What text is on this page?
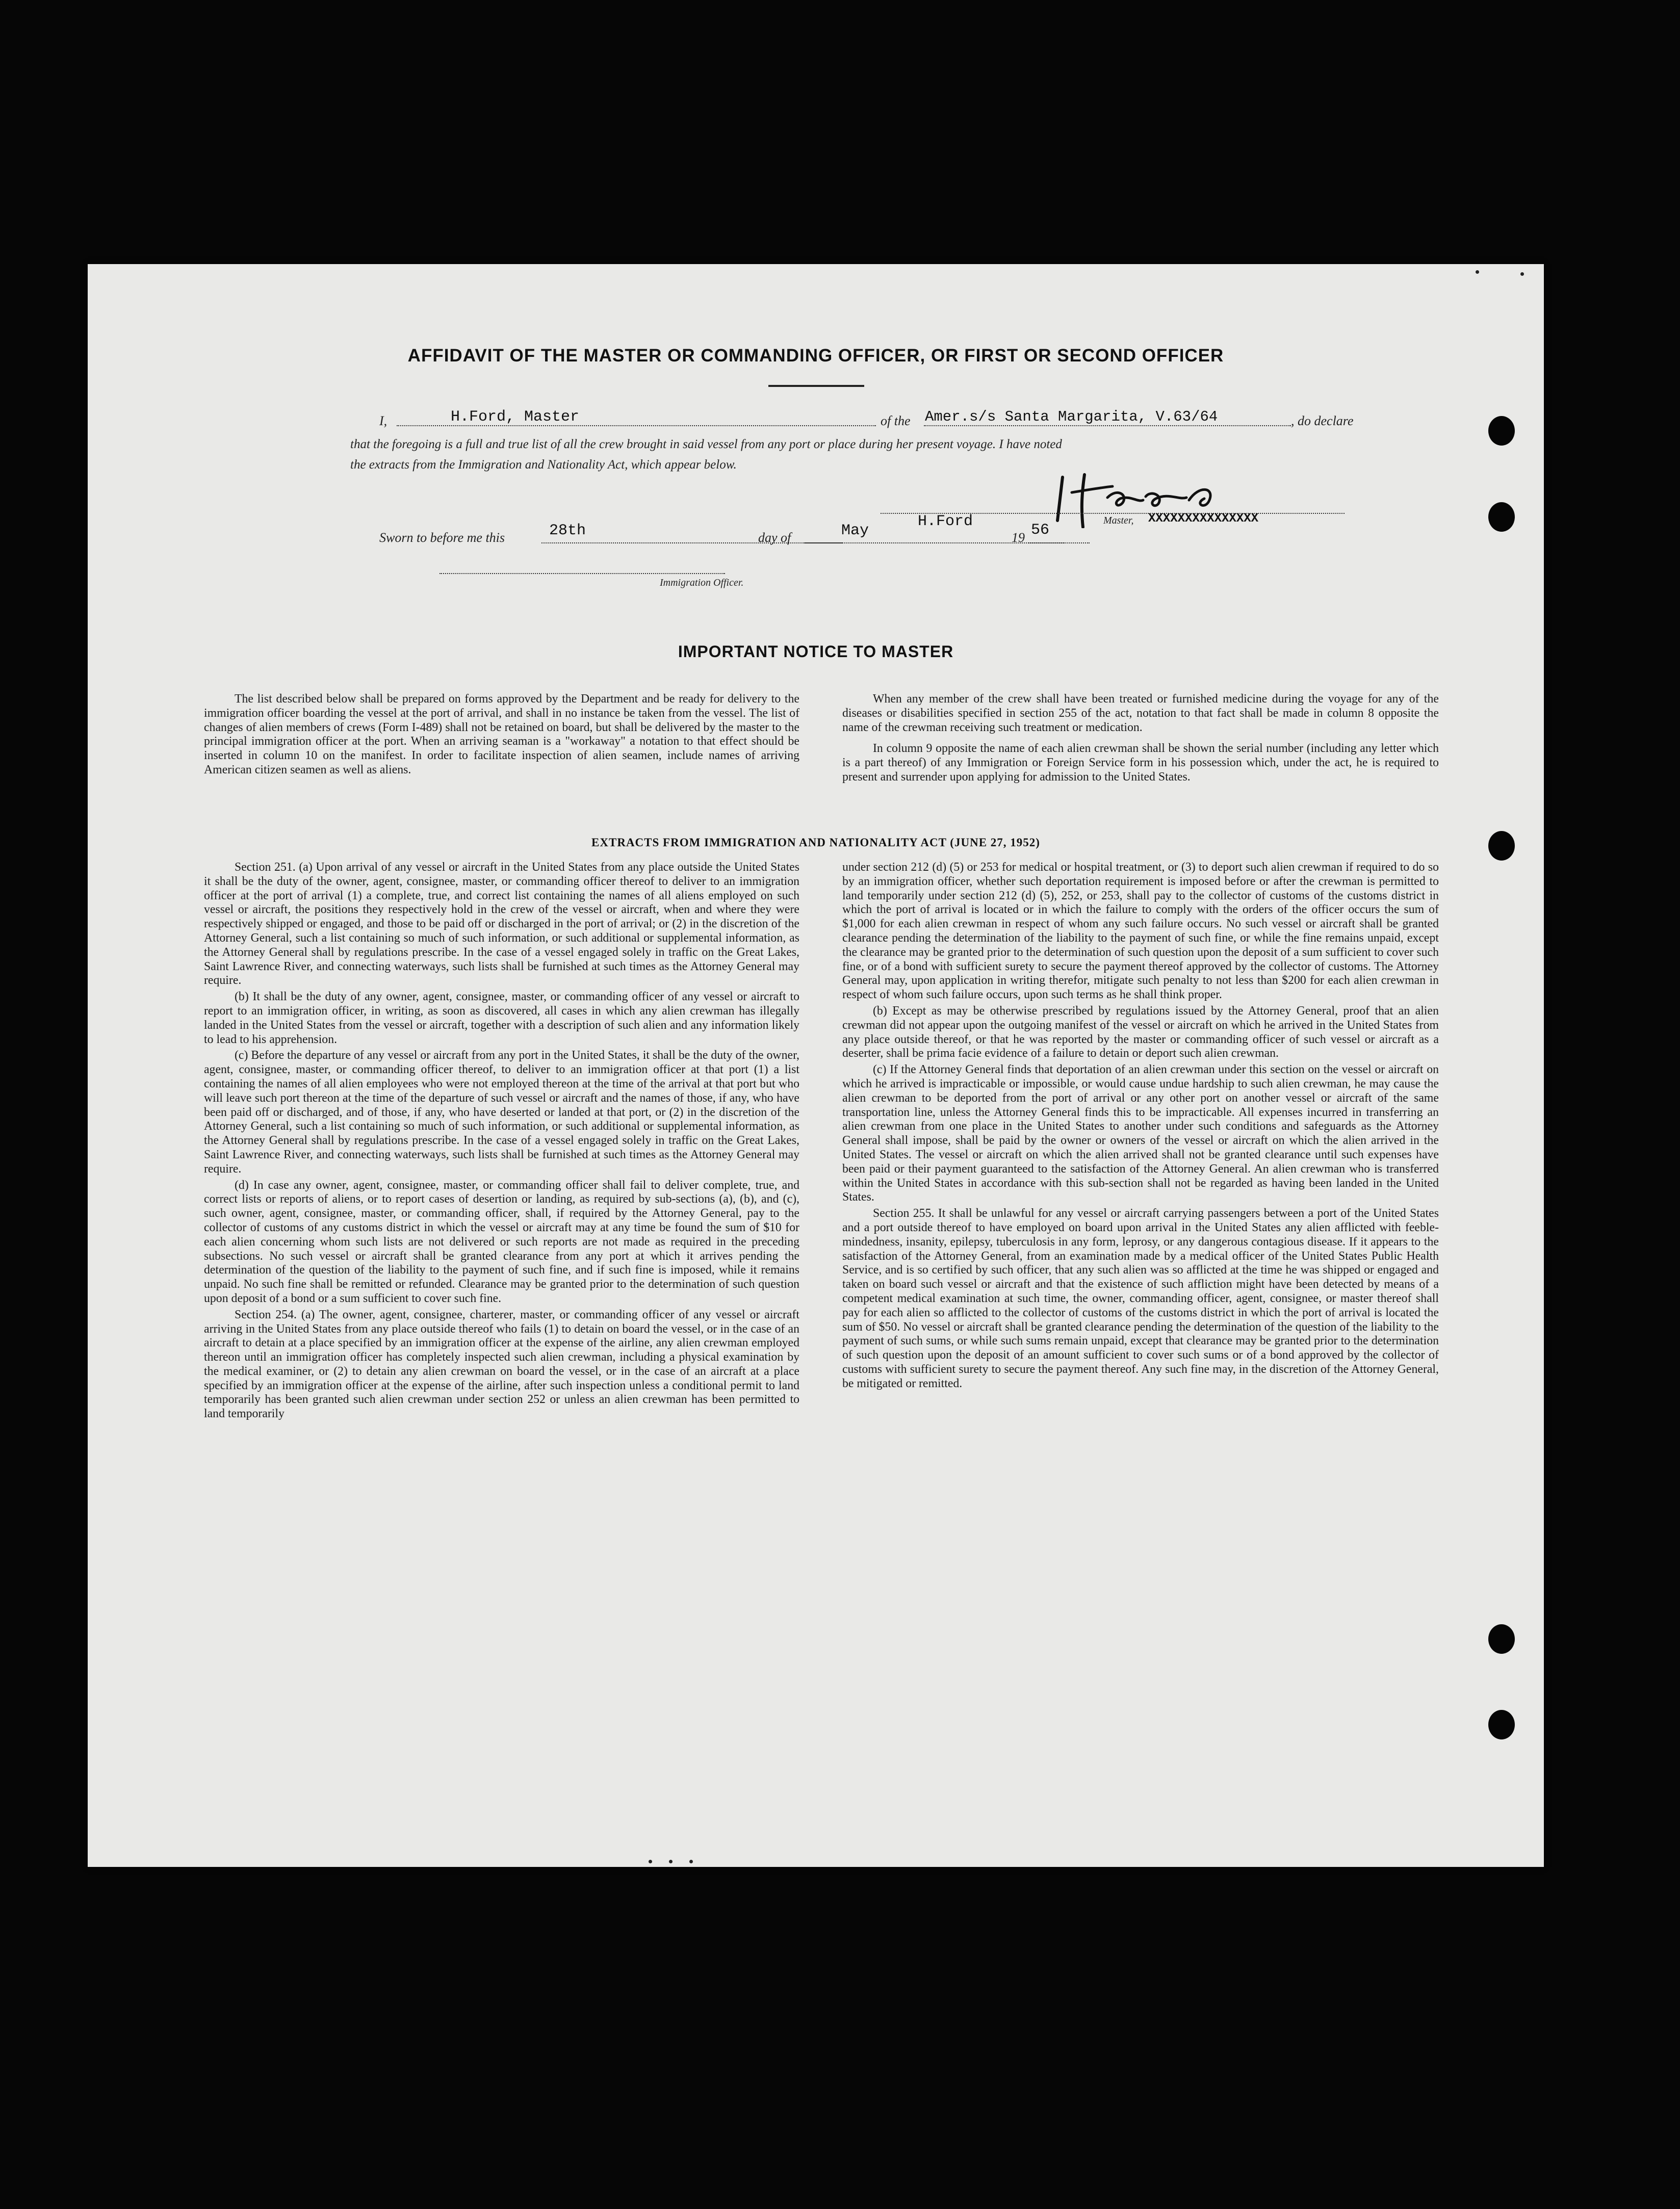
AFFIDAVIT OF THE MASTER OR COMMANDING OFFICER, OR FIRST OR SECOND OFFICER
I,	H.Ford, Master	of the Amer.s/s Santa Margarita, V.63/64	, do declare
that the foregoing is a full and true list of all the crew brought in said vessel from any port or place during her present voyage. I have noted
the extracts from the Immigration and Nationality Act, which appear below.
Sworn to before me this	28th	day of	May
H.Ford
19 56
Master, XXXXXXXXXXXXXXX
Immigration Officer.
IMPORTANT NOTICE TO MASTER

The list described below shall be prepared on forms approved by the Department and be ready for delivery to the immigration officer boarding the vessel at the port of arrival, and shall in no instance be taken from the vessel. The list of changes of alien members of crews (Form I-489) shall not be retained on board, but shall be delivered by the master to the principal immigration officer at the port. When an arriving seaman is a "workaway" a notation to that effect should be inserted in column 10 on the manifest. In order to facilitate inspection of alien seamen, include names of arriving American citizen seamen as well as aliens.

When any member of the crew shall have been treated or furnished medicine during the voyage for any of the diseases or disabilities specified in section 255 of the act, notation to that fact shall be made in column 8 opposite the name of the crewman receiving such treatment or medication.

In column 9 opposite the name of each alien crewman shall be shown the serial number (including any letter which is a part thereof) of any Immigration or Foreign Service form in his possession which, under the act, he is required to present and surrender upon applying for admission to the United States.

EXTRACTS FROM IMMIGRATION AND NATIONALITY ACT (JUNE 27, 1952)

Section 251. (a) Upon arrival of any vessel or aircraft in the United States from any place outside the United States it shall be the duty of the owner, agent, consignee, master, or commanding officer thereof to deliver to an immigration officer at the port of arrival (1) a complete, true, and correct list containing the names of all aliens employed on such vessel or aircraft, the positions they respectively hold in the crew of the vessel or aircraft, when and where they were respectively shipped or engaged, and those to be paid off or discharged in the port of arrival; or (2) in the discretion of the Attorney General, such a list containing so much of such information, or such additional or supplemental information, as the Attorney General shall by regulations prescribe. In the case of a vessel engaged solely in traffic on the Great Lakes, Saint Lawrence River, and connecting waterways, such lists shall be furnished at such times as the Attorney General may require.

(b) It shall be the duty of any owner, agent, consignee, master, or commanding officer of any vessel or aircraft to report to an immigration officer, in writing, as soon as discovered, all cases in which any alien crewman has illegally landed in the United States from the vessel or aircraft, together with a description of such alien and any information likely to lead to his apprehension.

(c) Before the departure of any vessel or aircraft from any port in the United States, it shall be the duty of the owner, agent, consignee, master, or commanding officer thereof, to deliver to an immigration officer at that port (1) a list containing the names of all alien employees who were not employed thereon at the time of the arrival at that port but who will leave such port thereon at the time of the departure of such vessel or aircraft and the names of those, if any, who have been paid off or discharged, and of those, if any, who have deserted or landed at that port, or (2) in the discretion of the Attorney General, such a list containing so much of such information, or such additional or supplemental information, as the Attorney General shall by regulations prescribe. In the case of a vessel engaged solely in traffic on the Great Lakes, Saint Lawrence River, and connecting waterways, such lists shall be furnished at such times as the Attorney General may require.

(d) In case any owner, agent, consignee, master, or commanding officer shall fail to deliver complete, true, and correct lists or reports of aliens, or to report cases of desertion or landing, as required by sub-sections (a), (b), and (c), such owner, agent, consignee, master, or commanding officer, shall, if required by the Attorney General, pay to the collector of customs of any customs district in which the vessel or aircraft may at any time be found the sum of $10 for each alien concerning whom such lists are not delivered or such reports are not made as required in the preceding subsections. No such vessel or aircraft shall be granted clearance from any port at which it arrives pending the determination of the question of the liability to the payment of such fine, and if such fine is imposed, while it remains unpaid. No such fine shall be remitted or refunded. Clearance may be granted prior to the determination of such question upon deposit of a bond or a sum sufficient to cover such fine.

Section 254. (a) The owner, agent, consignee, charterer, master, or commanding officer of any vessel or aircraft arriving in the United States from any place outside thereof who fails (1) to detain on board the vessel, or in the case of an aircraft to detain at a place specified by an immigration officer at the expense of the airline, any alien crewman employed thereon until an immigration officer has completely inspected such alien crewman, including a physical examination by the medical examiner, or (2) to detain any alien crewman on board the vessel, or in the case of an aircraft at a place specified by an immigration officer at the expense of the airline, after such inspection unless a conditional permit to land temporarily has been granted such alien crewman under section 252 or unless an alien crewman has been permitted to land temporarily

under section 212 (d) (5) or 253 for medical or hospital treatment, or (3) to deport such alien crewman if required to do so by an immigration officer, whether such deportation requirement is imposed before or after the crewman is permitted to land temporarily under section 212 (d) (5), 252, or 253, shall pay to the collector of customs of the customs district in which the port of arrival is located or in which the failure to comply with the orders of the officer occurs the sum of $1,000 for each alien crewman in respect of whom any such failure occurs. No such vessel or aircraft shall be granted clearance pending the determination of the liability to the payment of such fine, or while the fine remains unpaid, except the clearance may be granted prior to the determination of such question upon the deposit of a sum sufficient to cover such fine, or of a bond with sufficient surety to secure the payment thereof approved by the collector of customs. The Attorney General may, upon application in writing therefor, mitigate such penalty to not less than $200 for each alien crewman in respect of whom such failure occurs, upon such terms as he shall think proper.

(b) Except as may be otherwise prescribed by regulations issued by the Attorney General, proof that an alien crewman did not appear upon the outgoing manifest of the vessel or aircraft on which he arrived in the United States from any place outside thereof, or that he was reported by the master or commanding officer of such vessel or aircraft as a deserter, shall be prima facie evidence of a failure to detain or deport such alien crewman.

(c) If the Attorney General finds that deportation of an alien crewman under this section on the vessel or aircraft on which he arrived is impracticable or impossible, or would cause undue hardship to such alien crewman, he may cause the alien crewman to be deported from the port of arrival or any other port on another vessel or aircraft of the same transportation line, unless the Attorney General finds this to be impracticable. All expenses incurred in transferring an alien crewman from one place in the United States to another under such conditions and safeguards as the Attorney General shall impose, shall be paid by the owner or owners of the vessel or aircraft on which the alien arrived in the United States. The vessel or aircraft on which the alien arrived shall not be granted clearance until such expenses have been paid or their payment guaranteed to the satisfaction of the Attorney General. An alien crewman who is transferred within the United States in accordance with this sub-section shall not be regarded as having been landed in the United States.

Section 255. It shall be unlawful for any vessel or aircraft carrying passengers between a port of the United States and a port outside thereof to have employed on board upon arrival in the United States any alien afflicted with feeble-mindedness, insanity, epilepsy, tuberculosis in any form, leprosy, or any dangerous contagious disease. If it appears to the satisfaction of the Attorney General, from an examination made by a medical officer of the United States Public Health Service, and is so certified by such officer, that any such alien was so afflicted at the time he was shipped or engaged and taken on board such vessel or aircraft and that the existence of such affliction might have been detected by means of a competent medical examination at such time, the owner, commanding officer, agent, consignee, or master thereof shall pay for each alien so afflicted to the collector of customs of the customs district in which the port of arrival is located the sum of $50. No vessel or aircraft shall be granted clearance pending the determination of the question of the liability to the payment of such sums, or while such sums remain unpaid, except that clearance may be granted prior to the determination of such question upon the deposit of an amount sufficient to cover such sums or of a bond approved by the collector of customs with sufficient surety to secure the payment thereof. Any such fine may, in the discretion of the Attorney General, be mitigated or remitted.
